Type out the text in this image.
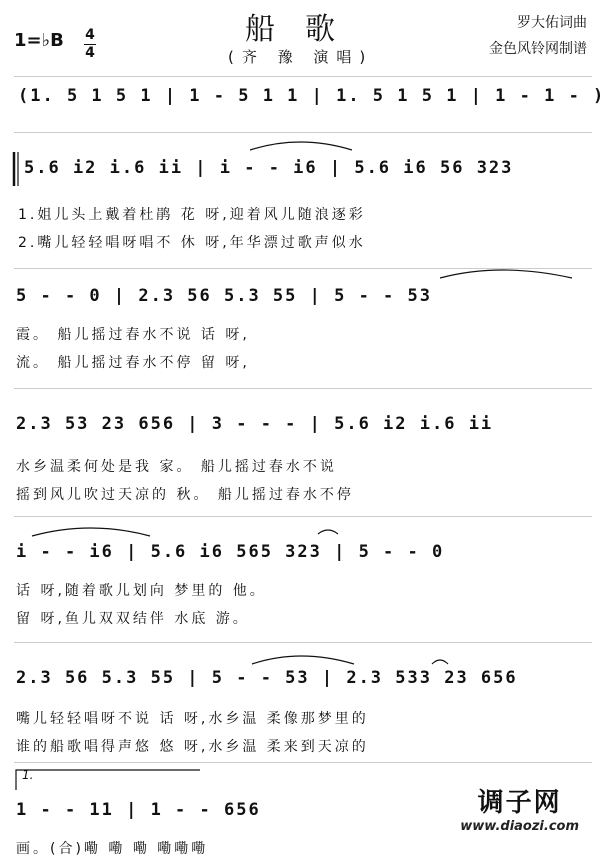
船歌
(齐 豫 演唱)
1=♭B 4
4
罗大佑词曲
金色风铃网制谱
(1. 5 1 5 1 | 1 - 5 1 1 | 1. 5 1 5 1 | 1 - 1 - )
5.6 i2 i.6 ii | i - - i6 | 5.6 i6 56 323
1.姐儿头上戴着杜鹃 花 呀,迎着风儿随浪逐彩
2.嘴儿轻轻唱呀唱不 休 呀,年华漂过歌声似水
5 - - 0 | 2.3 56 5.3 55 | 5 - - 53
霞。 船儿摇过春水不说 话 呀,
流。 船儿摇过春水不停 留 呀,
2.3 53 23 656 | 3 - - - | 5.6 i2 i.6 ii
水乡温柔何处是我 家。 船儿摇过春水不说
摇到风儿吹过天凉的 秋。 船儿摇过春水不停
i - - i6 | 5.6 i6 565 323 | 5 - - 0
话 呀,随着歌儿划向 梦里的 他。
留 呀,鱼儿双双结伴 水底 游。
2.3 56 5.3 55 | 5 - - 53 | 2.3 533 23 656
嘴儿轻轻唱呀不说 话 呀,水乡温 柔像那梦里的
谁的船歌唱得声悠 悠 呀,水乡温 柔来到天凉的
1.
1 - - 11 | 1 - - 656
画。(合)嘞 嘞 嘞 嘞嘞嘞
调子网
www.diaozi.com
